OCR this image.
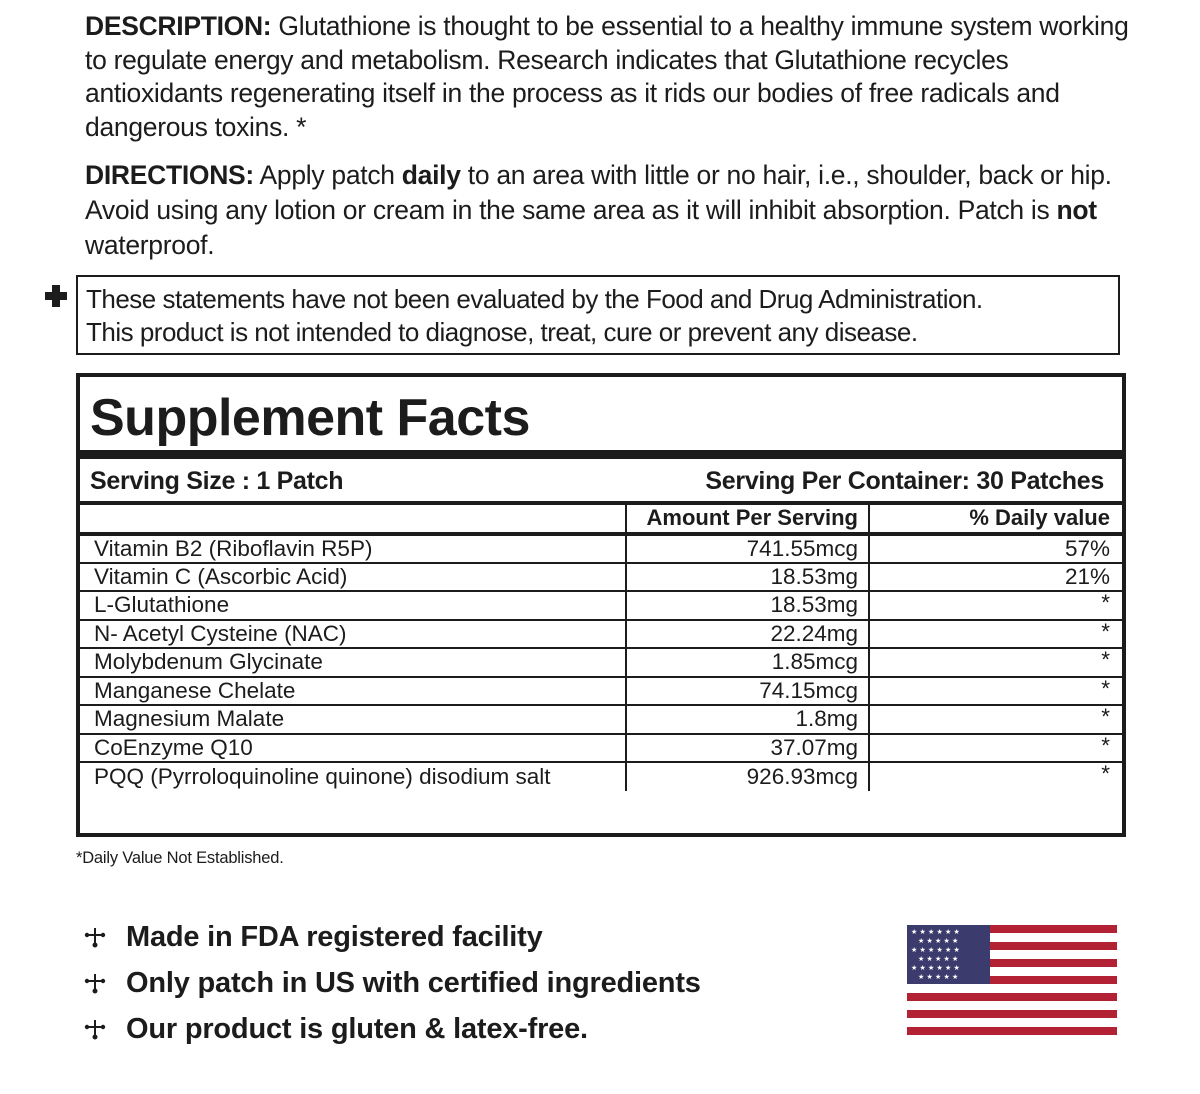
DESCRIPTION: Glutathione is thought to be essential to a healthy immune system working to regulate energy and metabolism. Research indicates that Glutathione recycles antioxidants regenerating itself in the process as it rids our bodies of free radicals and dangerous toxins. *
DIRECTIONS: Apply patch daily to an area with little or no hair, i.e., shoulder, back or hip. Avoid using any lotion or cream in the same area as it will inhibit absorption. Patch is not waterproof.
These statements have not been evaluated by the Food and Drug Administration.
This product is not intended to diagnose, treat, cure or prevent any disease.
Supplement Facts
Serving Size : 1 Patch	Serving Per Container: 30 Patches
	Amount Per Serving	% Daily value
Vitamin B2 (Riboflavin R5P)	741.55mcg	57%
Vitamin C (Ascorbic Acid)	18.53mg	21%
L-Glutathione	18.53mg	*
N- Acetyl Cysteine (NAC)	22.24mg	*
Molybdenum Glycinate	1.85mcg	*
Manganese Chelate	74.15mcg	*
Magnesium Malate	1.8mg	*
CoEnzyme Q10	37.07mg	*
PQQ (Pyrroloquinoline quinone) disodium salt	926.93mcg	*
*Daily Value Not Established.
Made in FDA registered facility
Only patch in US with certified ingredients
Our product is gluten & latex-free.
★ ★ ★ ★ ★ ★
★ ★ ★ ★ ★
★ ★ ★ ★ ★ ★
★ ★ ★ ★ ★
★ ★ ★ ★ ★ ★
★ ★ ★ ★ ★
